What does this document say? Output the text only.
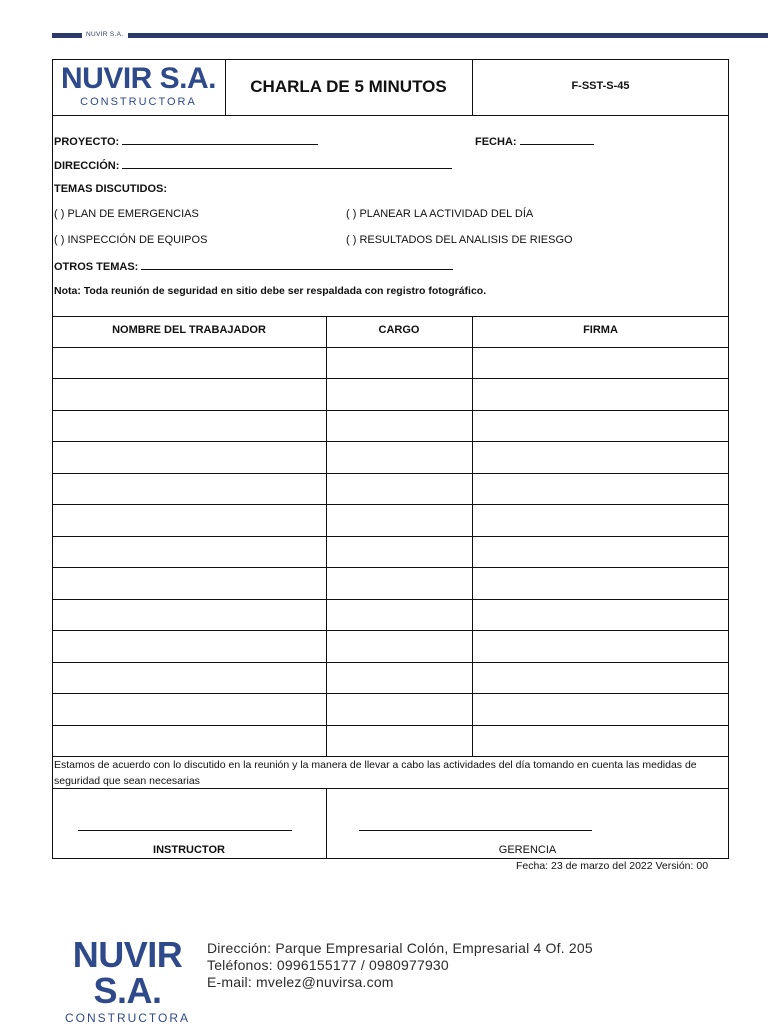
NUVIR S.A.
NUVIR S.A.
CONSTRUCTORA
CHARLA DE 5 MINUTOS	F-SST-S-45
PROYECTO:	FECHA:
DIRECCIÓN:
TEMAS DISCUTIDOS:
( ) PLAN DE EMERGENCIAS	( ) PLANEAR LA ACTIVIDAD DEL DÍA
( ) INSPECCIÓN DE EQUIPOS	( ) RESULTADOS DEL ANALISIS DE RIESGO
OTROS TEMAS:
Nota: Toda reunión de seguridad en sitio debe ser respaldada con registro fotográfico.
NOMBRE DEL TRABAJADOR	CARGO	FIRMA
Estamos de acuerdo con lo discutido en la reunión y la manera de llevar a cabo las actividades del día tomando en cuenta las medidas de seguridad que sean necesarias
INSTRUCTOR	GERENCIA
Fecha: 23 de marzo del 2022 Versión: 00
NUVIR S.A.
CONSTRUCTORA
Dirección: Parque Empresarial Colón, Empresarial 4 Of. 205
Teléfonos: 0996155177 / 0980977930
E-mail: mvelez@nuvirsa.com
